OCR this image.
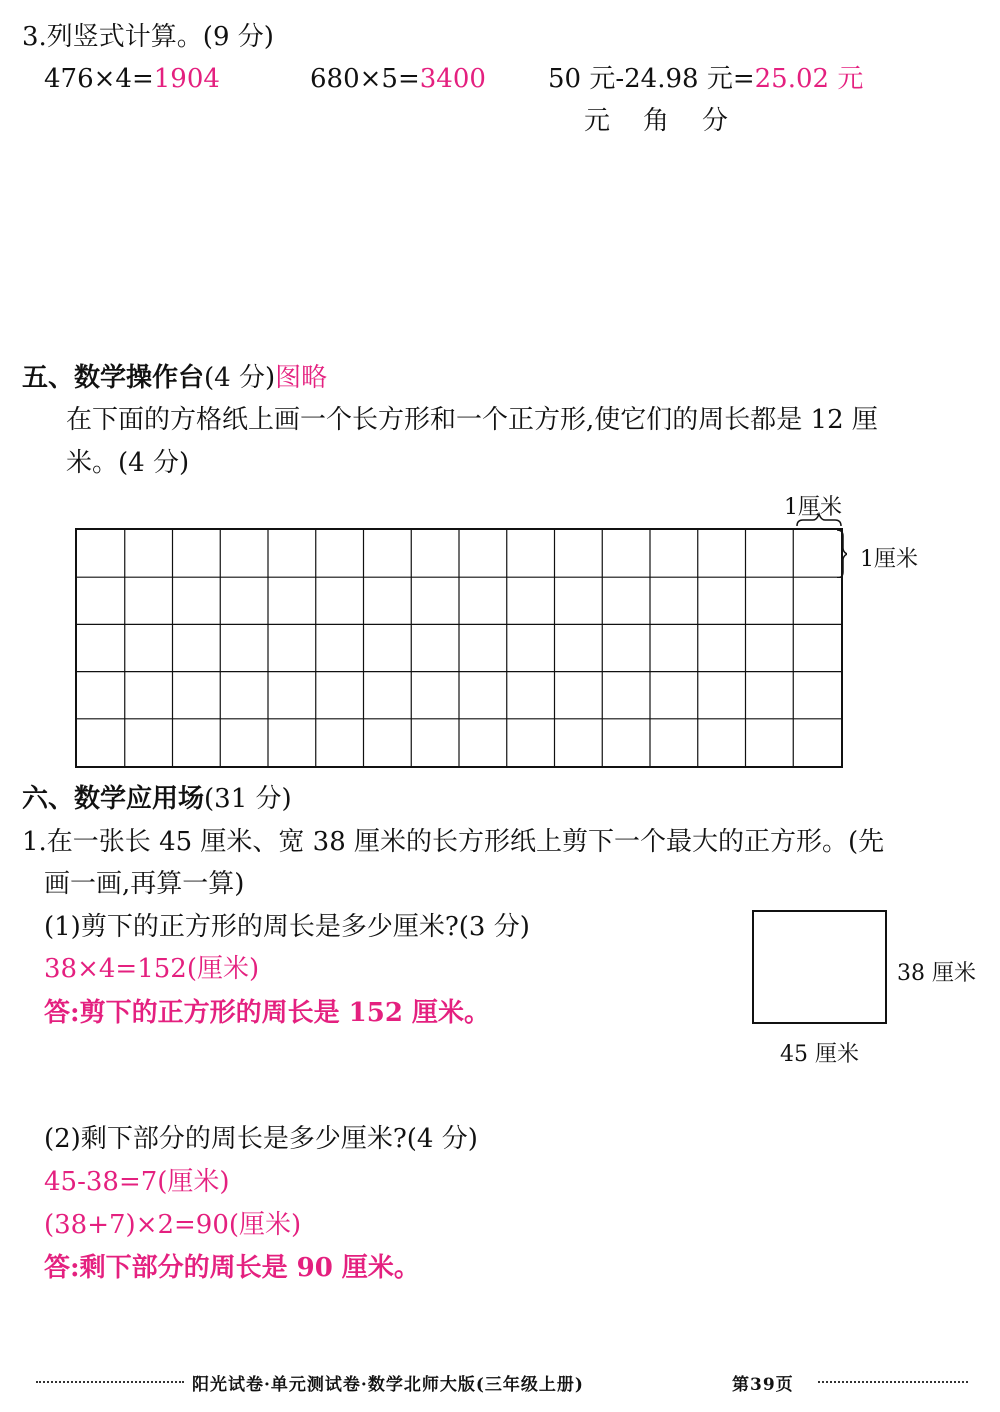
3.列竖式计算。(9 分)
476×4=1904	680×5=3400 50 元-24.98 元=25.02 元
元 角 分
五、数学操作台(4 分)图略
在下面的方格纸上画一个长方形和一个正方形,使它们的周长都是 12 厘
米。(4 分)
1厘米
1厘米
六、数学应用场(31 分)
1.在一张长 45 厘米、宽 38 厘米的长方形纸上剪下一个最大的正方形。(先
画一画,再算一算)
(1)剪下的正方形的周长是多少厘米?(3 分)
38×4=152(厘米)
答:剪下的正方形的周长是 152 厘米。
38 厘米
45 厘米
(2)剩下部分的周长是多少厘米?(4 分)
45-38=7(厘米)
(38+7)×2=90(厘米)
答:剩下部分的周长是 90 厘米。
阳光试卷·单元测试卷·数学北师大版(三年级上册)	第39页
